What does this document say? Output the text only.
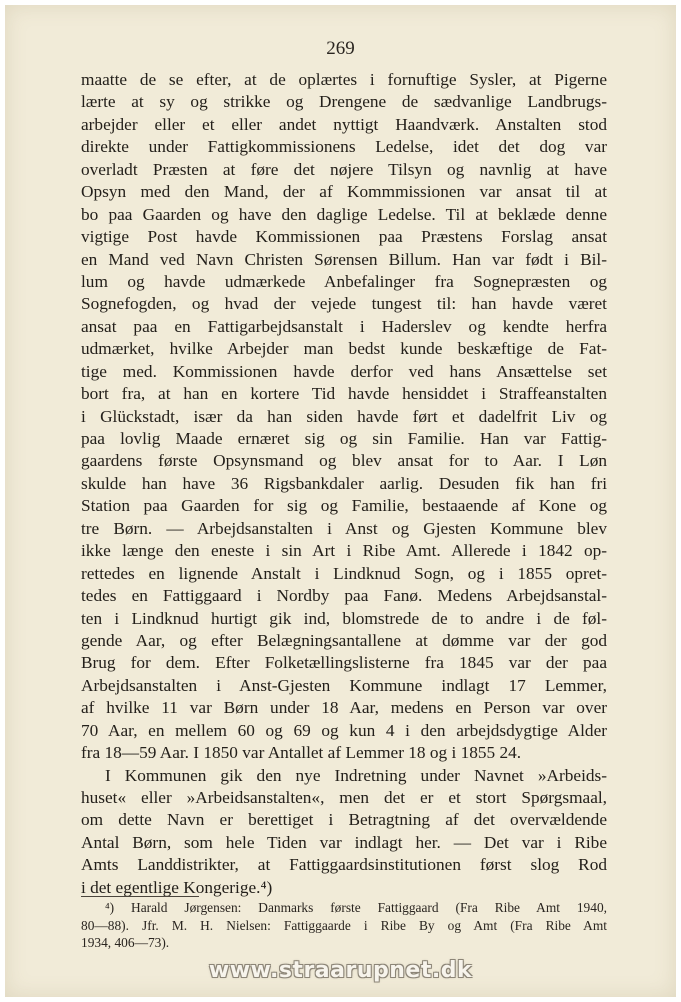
269

maatte de se efter, at de oplærtes i fornuftige Sysler, at Pigerne
lærte at sy og strikke og Drengene de sædvanlige Landbrugs-
arbejder eller et eller andet nyttigt Haandværk. Anstalten stod
direkte under Fattigkommissionens Ledelse, idet det dog var
overladt Præsten at føre det nøjere Tilsyn og navnlig at have
Opsyn med den Mand, der af Kommmissionen var ansat til at
bo paa Gaarden og have den daglige Ledelse. Til at beklæde denne
vigtige Post havde Kommissionen paa Præstens Forslag ansat
en Mand ved Navn Christen Sørensen Billum. Han var født i Bil-
lum og havde udmærkede Anbefalinger fra Sognepræsten og
Sognefogden, og hvad der vejede tungest til: han havde været
ansat paa en Fattigarbejdsanstalt i Haderslev og kendte herfra
udmærket, hvilke Arbejder man bedst kunde beskæftige de Fat-
tige med. Kommissionen havde derfor ved hans Ansættelse set
bort fra, at han en kortere Tid havde hensiddet i Straffeanstalten
i Glückstadt, især da han siden havde ført et dadelfrit Liv og
paa lovlig Maade ernæret sig og sin Familie. Han var Fattig-
gaardens første Opsynsmand og blev ansat for to Aar. I Løn
skulde han have 36 Rigsbankdaler aarlig. Desuden fik han fri
Station paa Gaarden for sig og Familie, bestaaende af Kone og
tre Børn. — Arbejdsanstalten i Anst og Gjesten Kommune blev
ikke længe den eneste i sin Art i Ribe Amt. Allerede i 1842 op-
rettedes en lignende Anstalt i Lindknud Sogn, og i 1855 opret-
tedes en Fattiggaard i Nordby paa Fanø. Medens Arbejdsanstal-
ten i Lindknud hurtigt gik ind, blomstrede de to andre i de føl-
gende Aar, og efter Belægningsantallene at dømme var der god
Brug for dem. Efter Folketællingslisterne fra 1845 var der paa
Arbejdsanstalten i Anst-Gjesten Kommune indlagt 17 Lemmer,
af hvilke 11 var Børn under 18 Aar, medens en Person var over
70 Aar, en mellem 60 og 69 og kun 4 i den arbejdsdygtige Alder
fra 18—59 Aar. I 1850 var Antallet af Lemmer 18 og i 1855 24.
I Kommunen gik den nye Indretning under Navnet »Arbeids-
huset« eller »Arbeidsanstalten«, men det er et stort Spørgsmaal,
om dette Navn er berettiget i Betragtning af det overvældende
Antal Børn, som hele Tiden var indlagt her. — Det var i Ribe
Amts Landdistrikter, at Fattiggaardsinstitutionen først slog Rod
i det egentlige Kongerige.⁴)
⁴) Harald Jørgensen: Danmarks første Fattiggaard (Fra Ribe Amt 1940,
80—88). Jfr. M. H. Nielsen: Fattiggaarde i Ribe By og Amt (Fra Ribe Amt
1934, 406—73).

www.straarupnet.dk
